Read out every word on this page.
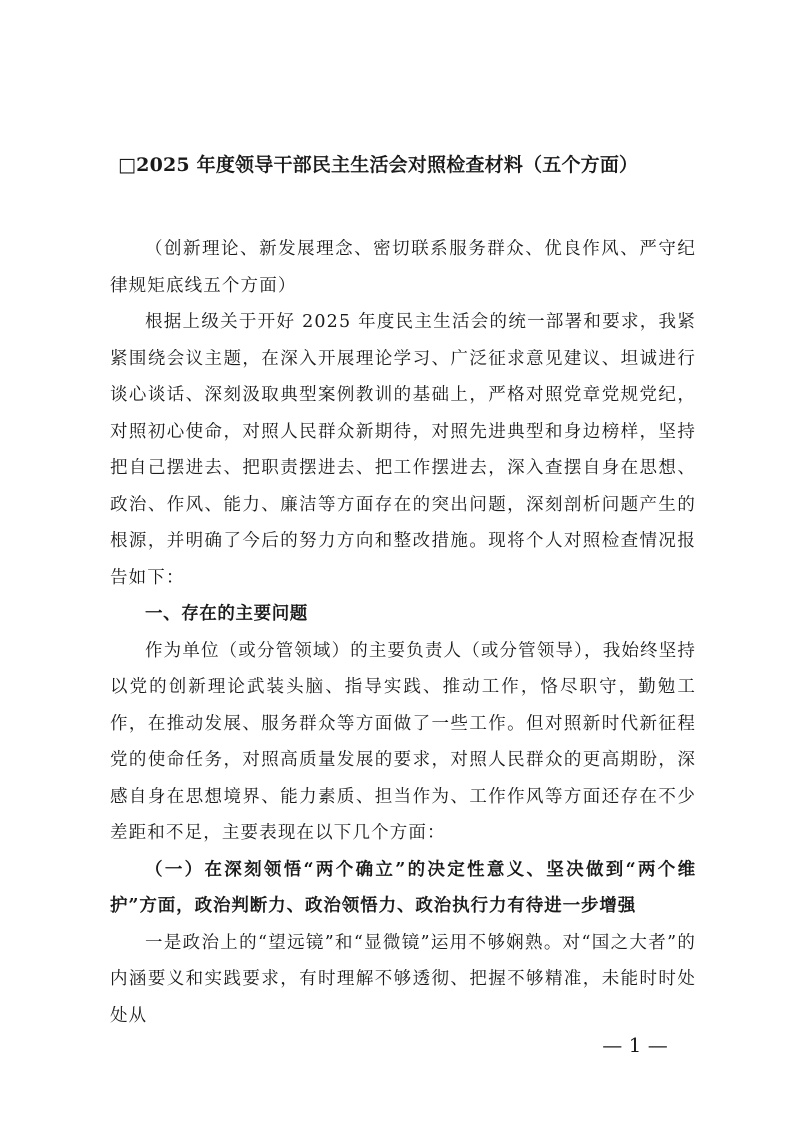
□2025 年度领导干部民主生活会对照检查材料（五个方面）

（创新理论、新发展理念、密切联系服务群众、优良作风、严守纪律规矩底线五个方面）

根据上级关于开好 2025 年度民主生活会的统一部署和要求，我紧紧围绕会议主题，在深入开展理论学习、广泛征求意见建议、坦诚进行谈心谈话、深刻汲取典型案例教训的基础上，严格对照党章党规党纪，对照初心使命，对照人民群众新期待，对照先进典型和身边榜样，坚持把自己摆进去、把职责摆进去、把工作摆进去，深入查摆自身在思想、政治、作风、能力、廉洁等方面存在的突出问题，深刻剖析问题产生的根源，并明确了今后的努力方向和整改措施。现将个人对照检查情况报告如下：

一、存在的主要问题

作为单位（或分管领域）的主要负责人（或分管领导），我始终坚持以党的创新理论武装头脑、指导实践、推动工作，恪尽职守，勤勉工作，在推动发展、服务群众等方面做了一些工作。但对照新时代新征程党的使命任务，对照高质量发展的要求，对照人民群众的更高期盼，深感自身在思想境界、能力素质、担当作为、工作作风等方面还存在不少差距和不足，主要表现在以下几个方面：

（一）在深刻领悟“两个确立”的决定性意义、坚决做到“两个维护”方面，政治判断力、政治领悟力、政治执行力有待进一步增强

一是政治上的“望远镜”和“显微镜”运用不够娴熟。对“国之大者”的内涵要义和实践要求，有时理解不够透彻、把握不够精准，未能时时处处从

— 1 —
